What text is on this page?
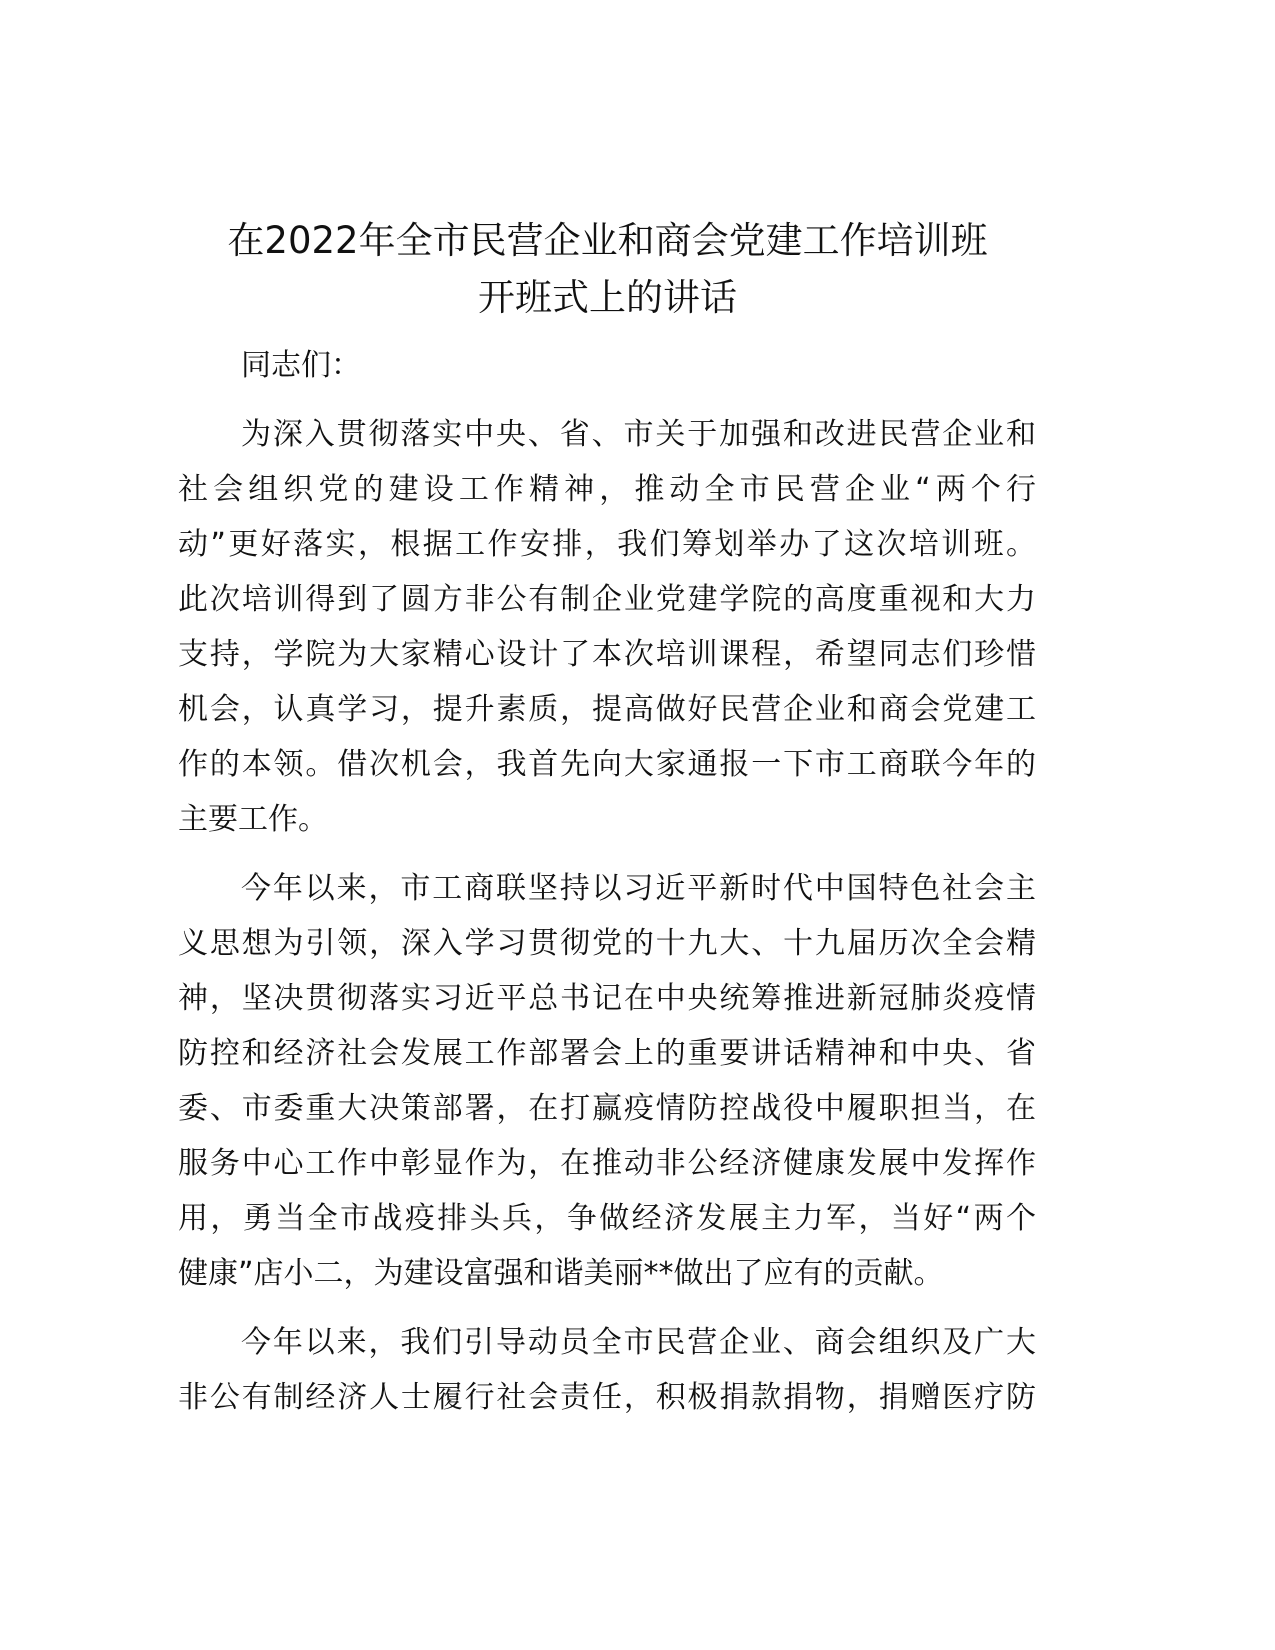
在2022年全市民营企业和商会党建工作培训班
开班式上的讲话
同志们：
为深入贯彻落实中央、省、市关于加强和改进民营企业和
社会组织党的建设工作精神，推动全市民营企业“两个行
动”更好落实，根据工作安排，我们筹划举办了这次培训班。
此次培训得到了圆方非公有制企业党建学院的高度重视和大力
支持，学院为大家精心设计了本次培训课程，希望同志们珍惜
机会，认真学习，提升素质，提高做好民营企业和商会党建工
作的本领。借次机会，我首先向大家通报一下市工商联今年的
主要工作。
今年以来，市工商联坚持以习近平新时代中国特色社会主
义思想为引领，深入学习贯彻党的十九大、十九届历次全会精
神，坚决贯彻落实习近平总书记在中央统筹推进新冠肺炎疫情
防控和经济社会发展工作部署会上的重要讲话精神和中央、省
委、市委重大决策部署，在打赢疫情防控战役中履职担当，在
服务中心工作中彰显作为，在推动非公经济健康发展中发挥作
用，勇当全市战疫排头兵，争做经济发展主力军，当好“两个
健康”店小二，为建设富强和谐美丽**做出了应有的贡献。
今年以来，我们引导动员全市民营企业、商会组织及广大
非公有制经济人士履行社会责任，积极捐款捐物，捐赠医疗防
